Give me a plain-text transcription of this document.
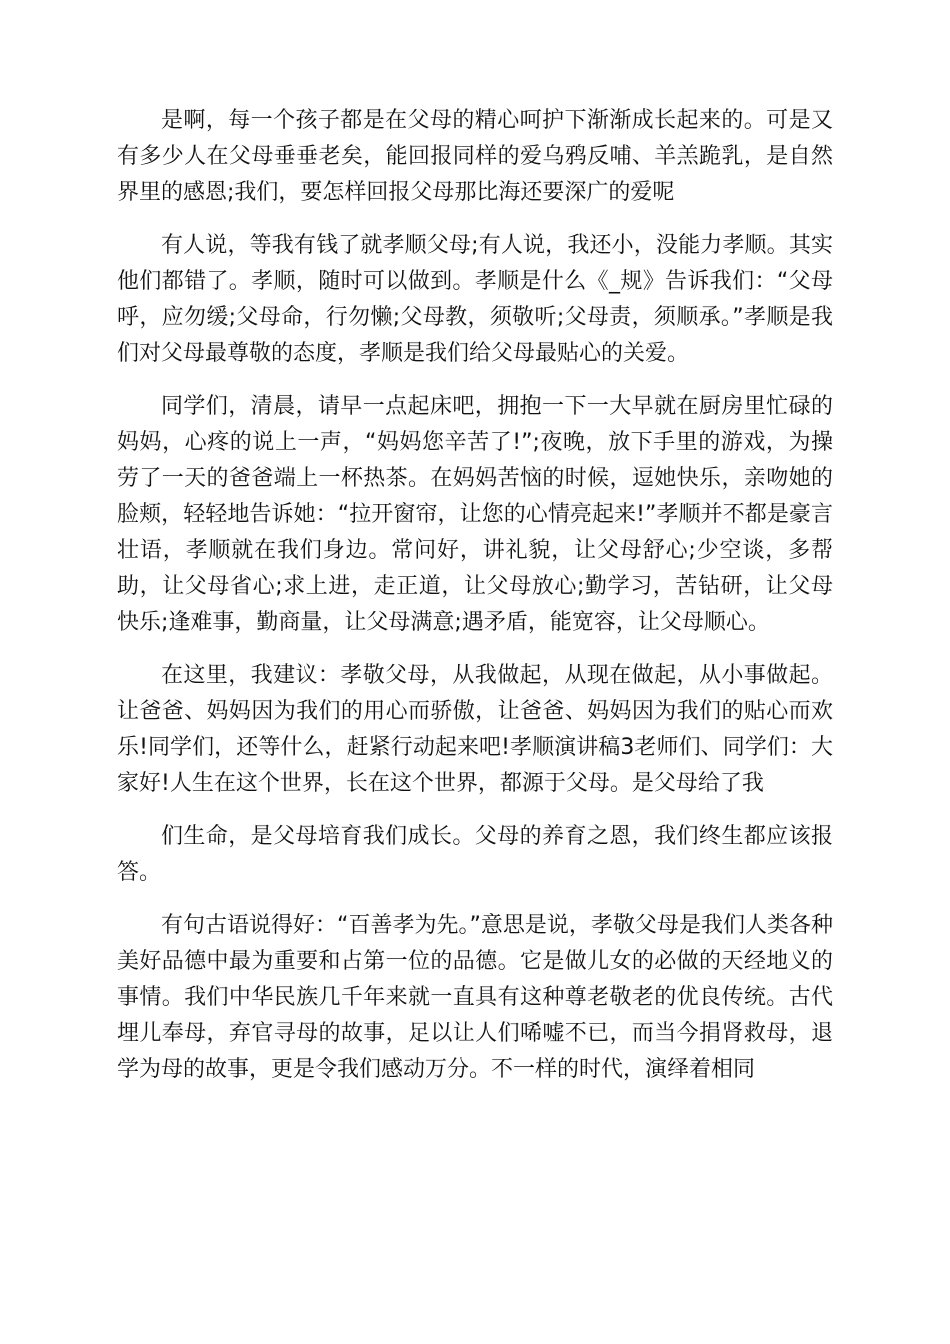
是啊，每一个孩子都是在父母的精心呵护下渐渐成长起来的。可是又有多少人在父母垂垂老矣，能回报同样的爱乌鸦反哺、羊羔跪乳，是自然界里的感恩;我们，要怎样回报父母那比海还要深广的爱呢

有人说，等我有钱了就孝顺父母;有人说，我还小，没能力孝顺。其实他们都错了。孝顺，随时可以做到。孝顺是什么《_规》告诉我们：“父母呼，应勿缓;父母命，行勿懒;父母教，须敬听;父母责，须顺承。”孝顺是我们对父母最尊敬的态度，孝顺是我们给父母最贴心的关爱。

同学们，清晨，请早一点起床吧，拥抱一下一大早就在厨房里忙碌的妈妈，心疼的说上一声，“妈妈您辛苦了!”;夜晚，放下手里的游戏，为操劳了一天的爸爸端上一杯热茶。在妈妈苦恼的时候，逗她快乐，亲吻她的脸颊，轻轻地告诉她：“拉开窗帘，让您的心情亮起来!”孝顺并不都是豪言壮语，孝顺就在我们身边。常问好，讲礼貌，让父母舒心;少空谈，多帮助，让父母省心;求上进，走正道，让父母放心;勤学习，苦钻研，让父母快乐;逢难事，勤商量，让父母满意;遇矛盾，能宽容，让父母顺心。

在这里，我建议：孝敬父母，从我做起，从现在做起，从小事做起。让爸爸、妈妈因为我们的用心而骄傲，让爸爸、妈妈因为我们的贴心而欢乐!同学们，还等什么，赶紧行动起来吧!孝顺演讲稿3老师们、同学们：大家好!人生在这个世界，长在这个世界，都源于父母。是父母给了我

们生命，是父母培育我们成长。父母的养育之恩，我们终生都应该报答。

有句古语说得好：“百善孝为先。”意思是说，孝敬父母是我们人类各种美好品德中最为重要和占第一位的品德。它是做儿女的必做的天经地义的事情。我们中华民族几千年来就一直具有这种尊老敬老的优良传统。古代埋儿奉母，弃官寻母的故事，足以让人们唏嘘不已，而当今捐肾救母，退学为母的故事，更是令我们感动万分。不一样的时代，演绎着相同
